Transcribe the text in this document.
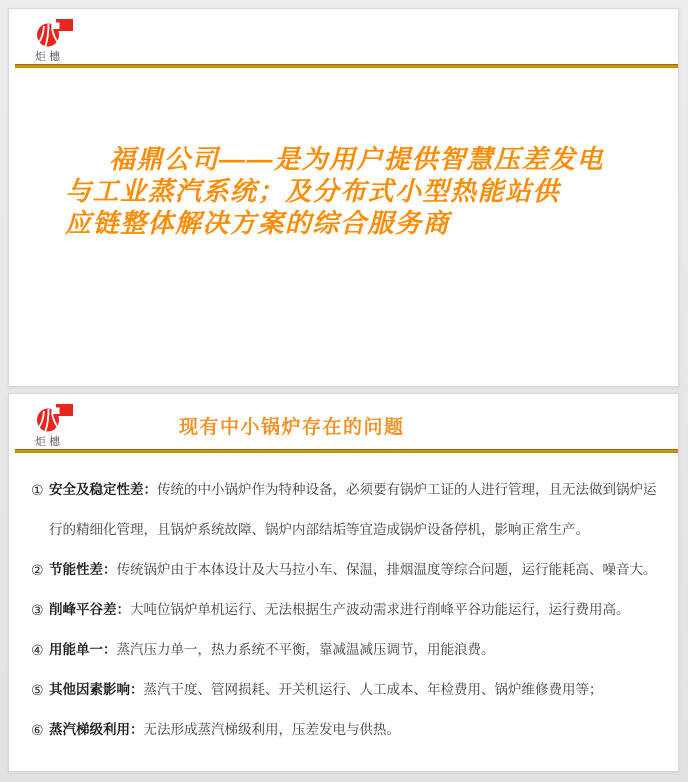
炬橞
福鼎公司——是为用户提供智慧压差发电
与工业蒸汽系统；及分布式小型热能站供
应链整体解决方案的综合服务商
炬橞
现有中小锅炉存在的问题
① 安全及稳定性差：传统的中小锅炉作为特种设备，必须要有锅炉工证的人进行管理，且无法做到锅炉运行的精细化管理，且锅炉系统故障、锅炉内部结垢等宜造成锅炉设备停机，影响正常生产。
② 节能性差：传统锅炉由于本体设计及大马拉小车、保温，排烟温度等综合问题，运行能耗高、噪音大。
③ 削峰平谷差：大吨位锅炉单机运行、无法根据生产波动需求进行削峰平谷功能运行，运行费用高。
④ 用能单一：蒸汽压力单一，热力系统不平衡，靠减温减压调节，用能浪费。
⑤ 其他因素影响：蒸汽干度、管网损耗、开关机运行、人工成本、年检费用、锅炉维修费用等；
⑥ 蒸汽梯级利用：无法形成蒸汽梯级利用，压差发电与供热。
